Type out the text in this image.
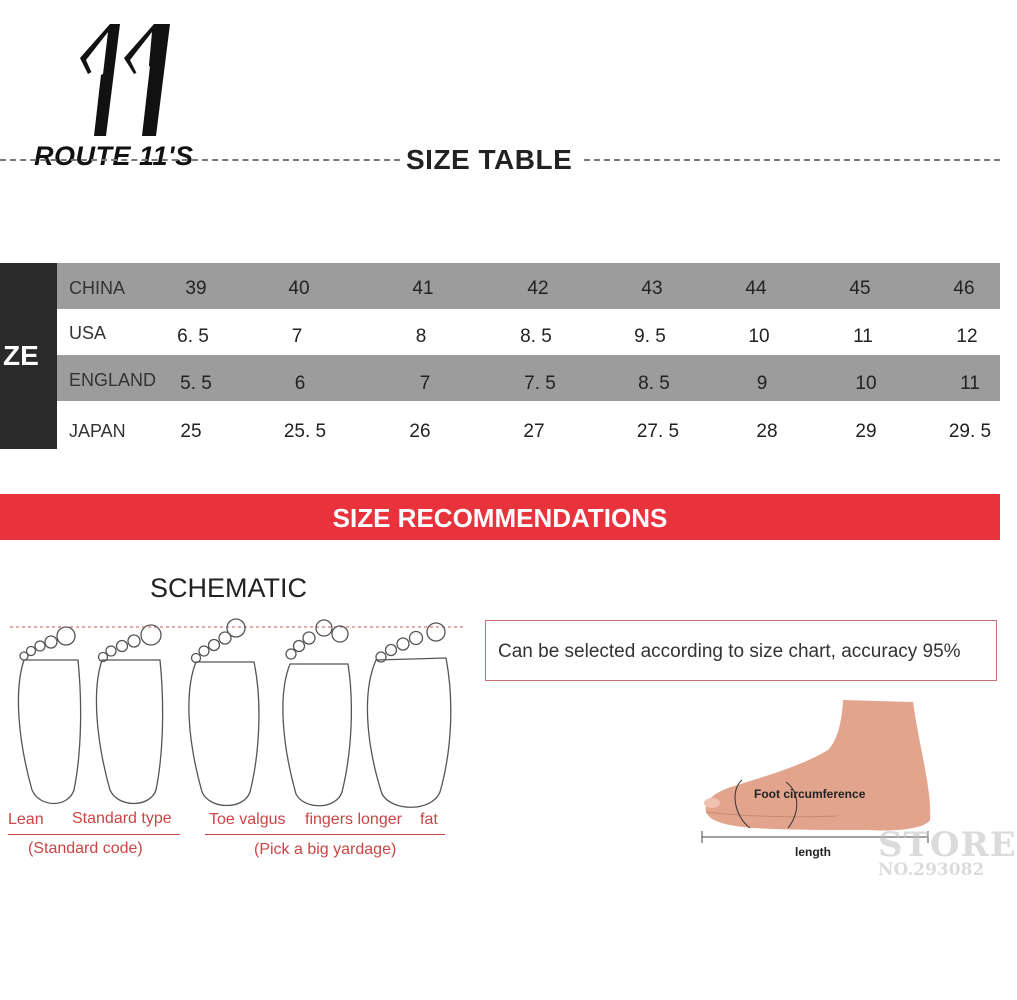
ROUTE 11'S	SIZE TABLE
ZE
CHINA	39	40	41	42	43	44	45	46
USA	6. 5	7	8	8. 5	9. 5	10	11	12
ENGLAND 5. 5	6	7	7. 5	8. 5	9	10	11
JAPAN	25	25. 5	26	27	27. 5	28	29	29. 5
SIZE RECOMMENDATIONS
SCHEMATIC
Lean Standard type Toe valgus fingers longer fat
(Standard code)	(Pick a big yardage)
Can be selected according to size chart, accuracy 95%
Foot circumference
length STORE
NO.293082
